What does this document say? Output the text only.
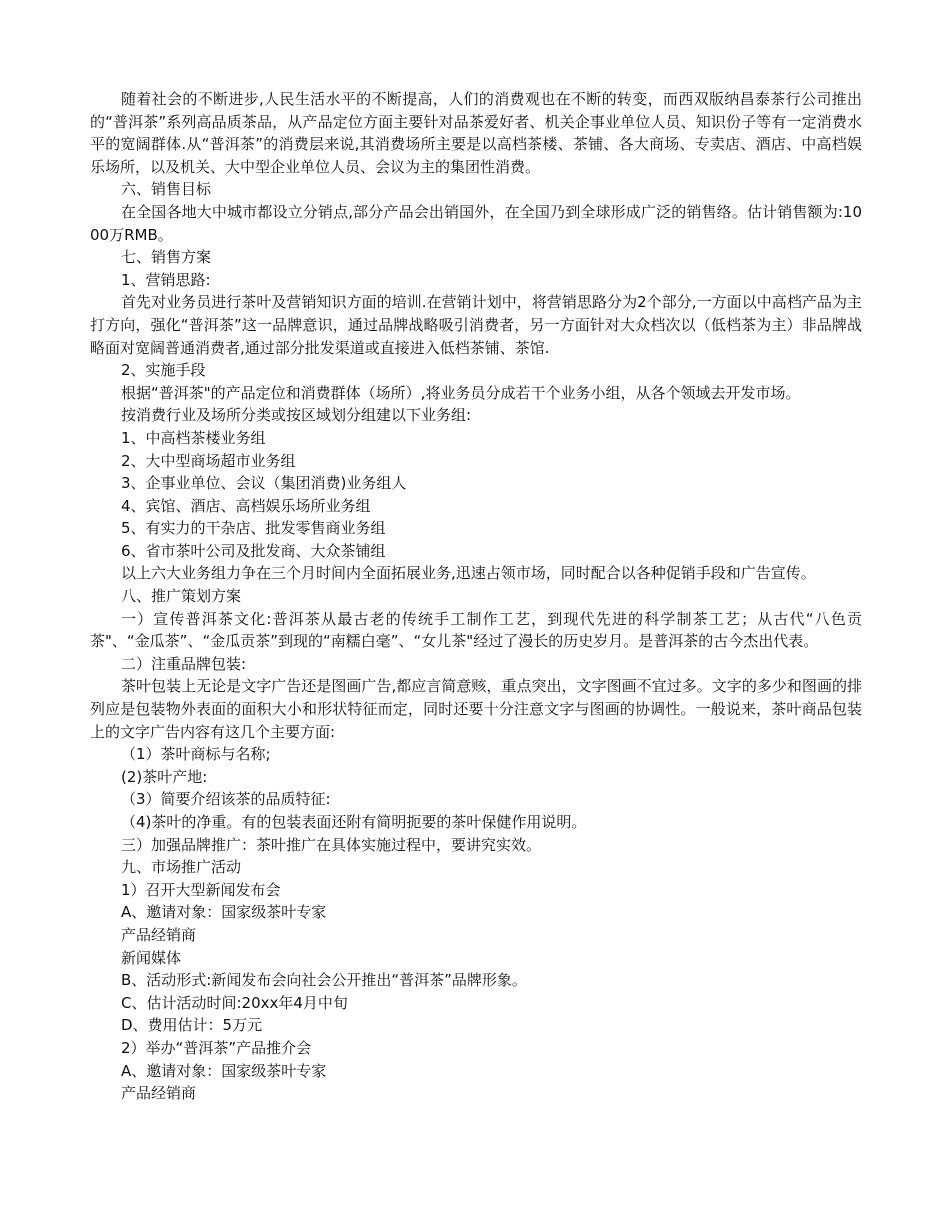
随着社会的不断进步,人民生活水平的不断提高，人们的消费观也在不断的转变，而西双版纳昌泰茶行公司推出的“普洱茶”系列高品质茶品，从产品定位方面主要针对品茶爱好者、机关企事业单位人员、知识份子等有一定消费水平的宽阔群体.从“普洱茶”的消费层来说,其消费场所主要是以高档茶楼、茶铺、各大商场、专卖店、酒店、中高档娱乐场所，以及机关、大中型企业单位人员、会议为主的集团性消费。

六、销售目标

在全国各地大中城市都设立分销点,部分产品会出销国外，在全国乃到全球形成广泛的销售络。估计销售额为:1000万RMB。

七、销售方案

1、营销思路:

首先对业务员进行茶叶及营销知识方面的培训.在营销计划中，将营销思路分为2个部分,一方面以中高档产品为主打方向，强化“普洱茶”这一品牌意识，通过品牌战略吸引消费者，另一方面针对大众档次以（低档茶为主）非品牌战略面对宽阔普通消费者,通过部分批发渠道或直接进入低档茶铺、茶馆.

2、实施手段

根据“普洱茶"的产品定位和消费群体（场所）,将业务员分成若干个业务小组，从各个领域去开发市场。

按消费行业及场所分类或按区域划分组建以下业务组:

1、中高档茶楼业务组

2、大中型商场超市业务组

3、企事业单位、会议（集团消费)业务组人

4、宾馆、酒店、高档娱乐场所业务组

5、有实力的干杂店、批发零售商业务组

6、省市茶叶公司及批发商、大众茶铺组

以上六大业务组力争在三个月时间内全面拓展业务,迅速占领市场，同时配合以各种促销手段和广告宣传。

八、推广策划方案

一）宣传普洱茶文化:普洱茶从最古老的传统手工制作工艺，到现代先进的科学制茶工艺；从古代“八色贡茶"、“金瓜茶”、“金瓜贡茶”到现的“南糯白毫”、“女儿茶"经过了漫长的历史岁月。是普洱茶的古今杰出代表。

二）注重品牌包装:

茶叶包装上无论是文字广告还是图画广告,都应言简意赅，重点突出，文字图画不宜过多。文字的多少和图画的排列应是包装物外表面的面积大小和形状特征而定，同时还要十分注意文字与图画的协调性。一般说来，茶叶商品包装上的文字广告内容有这几个主要方面:

（1）茶叶商标与名称;

(2)茶叶产地:

（3）简要介绍该茶的品质特征:

（4)茶叶的净重。有的包装表面还附有简明扼要的茶叶保健作用说明。

三）加强品牌推广：茶叶推广在具体实施过程中，要讲究实效。

九、市场推广活动

1）召开大型新闻发布会

A、邀请对象：国家级茶叶专家

产品经销商

新闻媒体

B、活动形式:新闻发布会向社会公开推出“普洱茶”品牌形象。

C、估计活动时间:20xx年4月中旬

D、费用估计：5万元

2）举办“普洱茶”产品推介会

A、邀请对象：国家级茶叶专家

产品经销商
